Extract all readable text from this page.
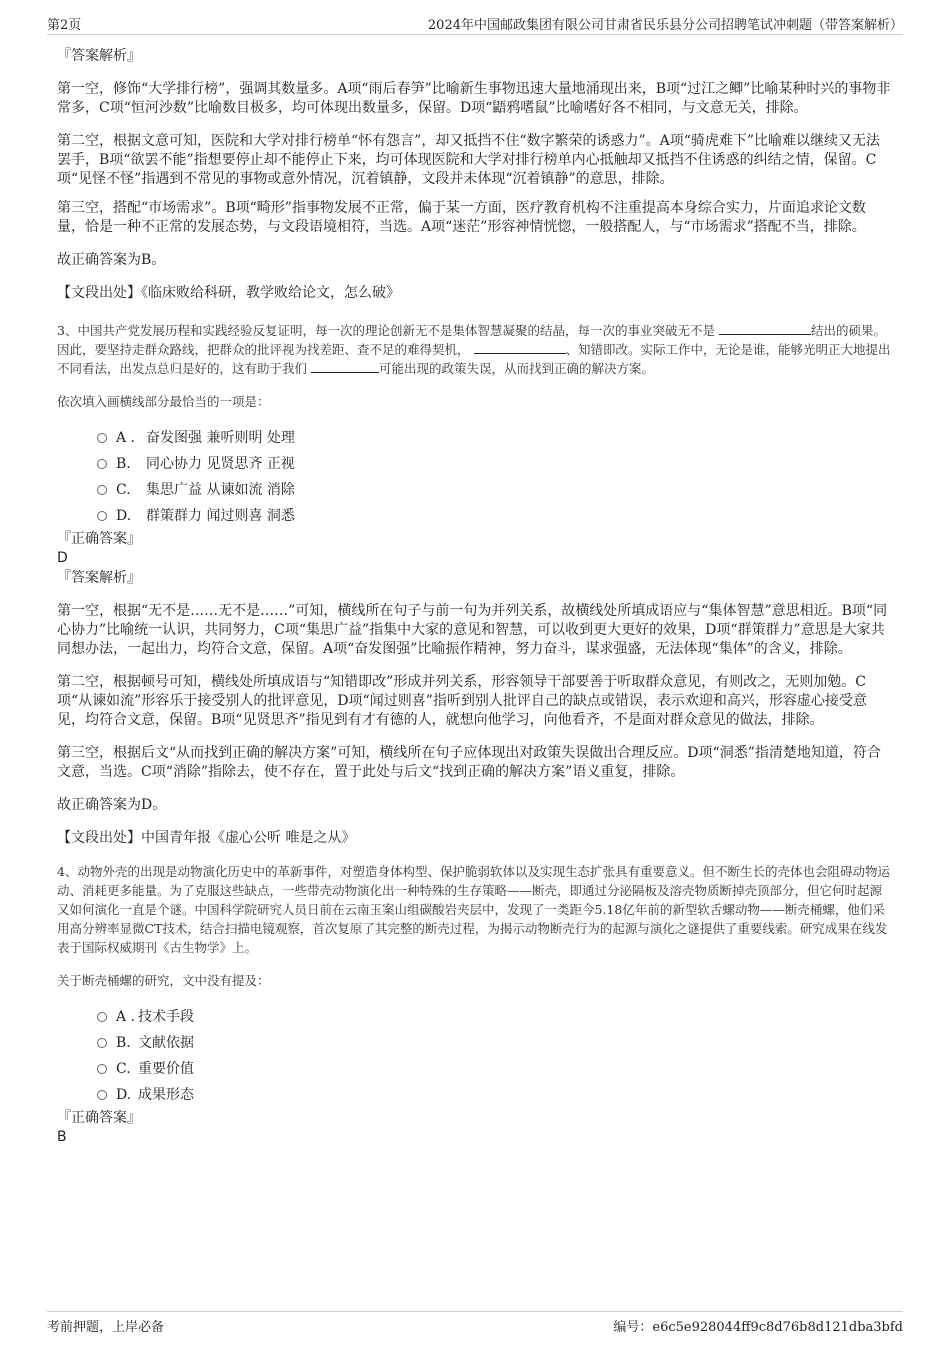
第2页	2024年中国邮政集团有限公司甘肃省民乐县分公司招聘笔试冲刺题（带答案解析）

『答案解析』

第一空，修饰“大学排行榜”，强调其数量多。A项“雨后春笋”比喻新生事物迅速大量地涌现出来，B项“过江之鲫”比喻某种时兴的事物非常多，C项“恒河沙数”比喻数目极多，均可体现出数量多，保留。D项“鼯鸦嗜鼠”比喻嗜好各不相同，与文意无关，排除。

第二空，根据文意可知，医院和大学对排行榜单“怀有怨言”，却又抵挡不住“数字繁荣的诱惑力”。A项“骑虎难下”比喻难以继续又无法罢手，B项“欲罢不能”指想要停止却不能停止下来，均可体现医院和大学对排行榜单内心抵触却又抵挡不住诱惑的纠结之情，保留。C项“见怪不怪”指遇到不常见的事物或意外情况，沉着镇静，文段并未体现“沉着镇静”的意思，排除。

第三空，搭配“市场需求”。B项“畸形”指事物发展不正常，偏于某一方面，医疗教育机构不注重提高本身综合实力，片面追求论文数量，恰是一种不正常的发展态势，与文段语境相符，当选。A项“迷茫”形容神情恍惚，一般搭配人，与“市场需求”搭配不当，排除。

故正确答案为B。

【文段出处】《临床败给科研，教学败给论文，怎么破》

3、中国共产党发展历程和实践经验反复证明，每一次的理论创新无不是集体智慧凝聚的结晶，每一次的事业突破无不是	结出的硕果。因此，要坚持走群众路线，把群众的批评视为找差距、查不足的难得契机，	、知错即改。实际工作中，无论是谁，能够光明正大地提出不同看法，出发点总归是好的，这有助于我们	可能出现的政策失误，从而找到正确的解决方案。

依次填入画横线部分最恰当的一项是：

A . 奋发图强 兼听则明 处理
B.	同心协力 见贤思齐 正视
C.	集思广益 从谏如流 消除
D.	群策群力 闻过则喜 洞悉

『正确答案』

D

『答案解析』

第一空，根据“无不是……无不是……”可知，横线所在句子与前一句为并列关系，故横线处所填成语应与“集体智慧”意思相近。B项“同心协力”比喻统一认识，共同努力，C项“集思广益”指集中大家的意见和智慧，可以收到更大更好的效果，D项“群策群力”意思是大家共同想办法，一起出力，均符合文意，保留。A项“奋发图强”比喻振作精神，努力奋斗，谋求强盛，无法体现“集体”的含义，排除。

第二空，根据顿号可知，横线处所填成语与“知错即改”形成并列关系，形容领导干部要善于听取群众意见，有则改之，无则加勉。C项“从谏如流”形容乐于接受别人的批评意见，D项“闻过则喜”指听到别人批评自己的缺点或错误，表示欢迎和高兴，形容虚心接受意见，均符合文意，保留。B项“见贤思齐”指见到有才有德的人，就想向他学习，向他看齐，不是面对群众意见的做法，排除。

第三空，根据后文“从而找到正确的解决方案”可知，横线所在句子应体现出对政策失误做出合理反应。D项“洞悉”指清楚地知道，符合文意，当选。C项“消除”指除去，使不存在，置于此处与后文“找到正确的解决方案”语义重复，排除。

故正确答案为D。

【文段出处】中国青年报《虚心公听 唯是之从》

4、动物外壳的出现是动物演化历史中的革新事件，对塑造身体构型、保护脆弱软体以及实现生态扩张具有重要意义。但不断生长的壳体也会阻碍动物运动、消耗更多能量。为了克服这些缺点，一些带壳动物演化出一种特殊的生存策略——断壳，即通过分泌隔板及溶壳物质断掉壳顶部分，但它何时起源又如何演化一直是个谜。中国科学院研究人员日前在云南玉案山组碳酸岩夹层中，发现了一类距今5.18亿年前的新型软舌螺动物——断壳桶螺，他们采用高分辨率显微CT技术，结合扫描电镜观察，首次复原了其完整的断壳过程，为揭示动物断壳行为的起源与演化之谜提供了重要线索。研究成果在线发表于国际权威期刊《古生物学》上。

关于断壳桶螺的研究，文中没有提及：

A . 技术手段
B. 文献依据
C. 重要价值
D. 成果形态

『正确答案』

B

考前押题，上岸必备	编号：e6c5e928044ff9c8d76b8d121dba3bfd
